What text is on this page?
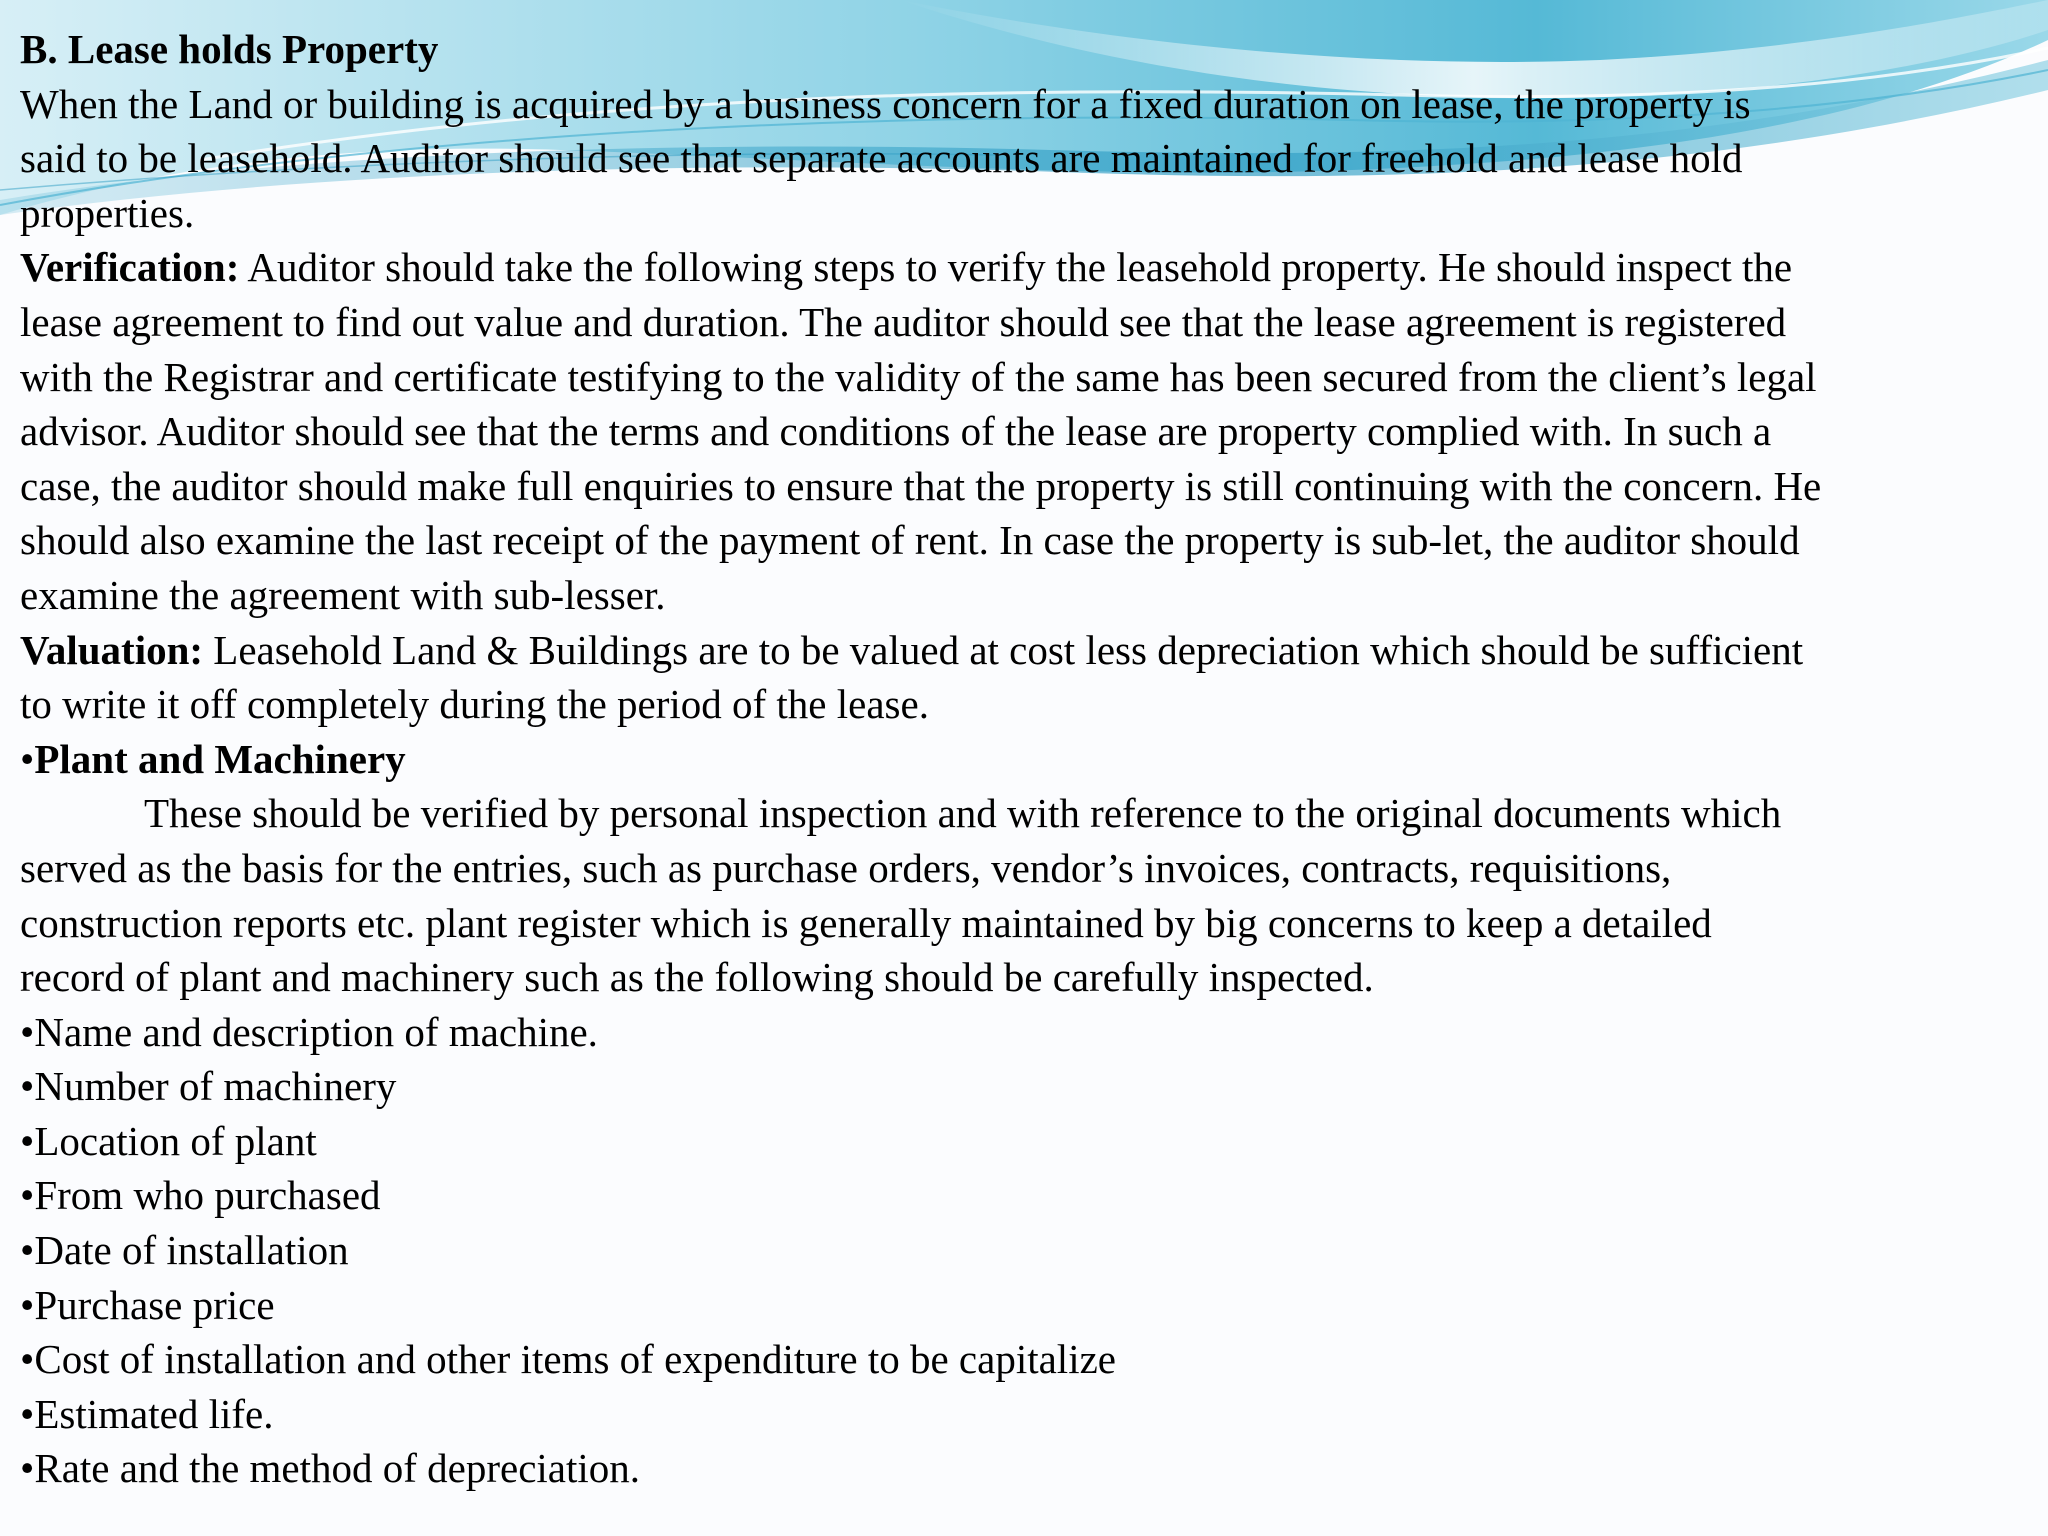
B. Lease holds Property
When the Land or building is acquired by a business concern for a fixed duration on lease, the property is
said to be leasehold. Auditor should see that separate accounts are maintained for freehold and lease hold
properties.
Verification: Auditor should take the following steps to verify the leasehold property. He should inspect the
lease agreement to find out value and duration. The auditor should see that the lease agreement is registered
with the Registrar and certificate testifying to the validity of the same has been secured from the client’s legal
advisor. Auditor should see that the terms and conditions of the lease are property complied with. In such a
case, the auditor should make full enquiries to ensure that the property is still continuing with the concern. He
should also examine the last receipt of the payment of rent. In case the property is sub-let, the auditor should
examine the agreement with sub-lesser.
Valuation: Leasehold Land & Buildings are to be valued at cost less depreciation which should be sufficient
to write it off completely during the period of the lease.
•Plant and Machinery
These should be verified by personal inspection and with reference to the original documents which
served as the basis for the entries, such as purchase orders, vendor’s invoices, contracts, requisitions,
construction reports etc. plant register which is generally maintained by big concerns to keep a detailed
record of plant and machinery such as the following should be carefully inspected.
•Name and description of machine.
•Number of machinery
•Location of plant
•From who purchased
•Date of installation
•Purchase price
•Cost of installation and other items of expenditure to be capitalize
•Estimated life.
•Rate and the method of depreciation.
